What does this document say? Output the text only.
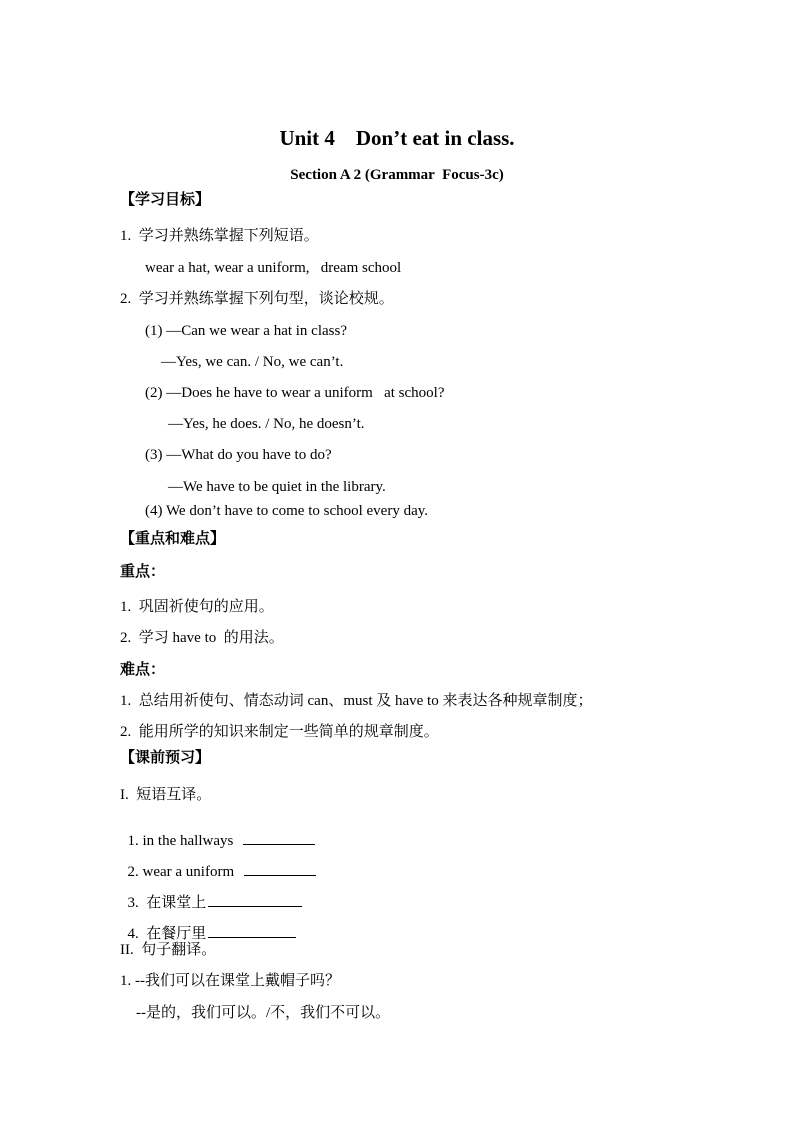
Unit 4    Don’t eat in class.
Section A 2 (Grammar  Focus-3c)
【学习目标】
1.  学习并熟练掌握下列短语。
wear a hat, wear a uniform,   dream school
2.  学习并熟练掌握下列句型，谈论校规。
(1) —Can we wear a hat in class?
—Yes, we can. / No, we can’t.
(2) —Does he have to wear a uniform   at school?
—Yes, he does. / No, he doesn’t.
(3) —What do you have to do?
—We have to be quiet in the library.
(4) We don’t have to come to school every day.
【重点和难点】
重点：
1.  巩固祈使句的应用。
2.  学习 have to  的用法。
难点：
1.  总结用祈使句、情态动词 can、must 及 have to 来表达各种规章制度；
2.  能用所学的知识来制定一些简单的规章制度。
【课前预习】
I.  短语互译。

1. in the hallways

2. wear a uniform

3.  在课堂上

4.  在餐厅里

II.  句子翻译。
1. --我们可以在课堂上戴帽子吗？
--是的，我们可以。/不，我们不可以。
